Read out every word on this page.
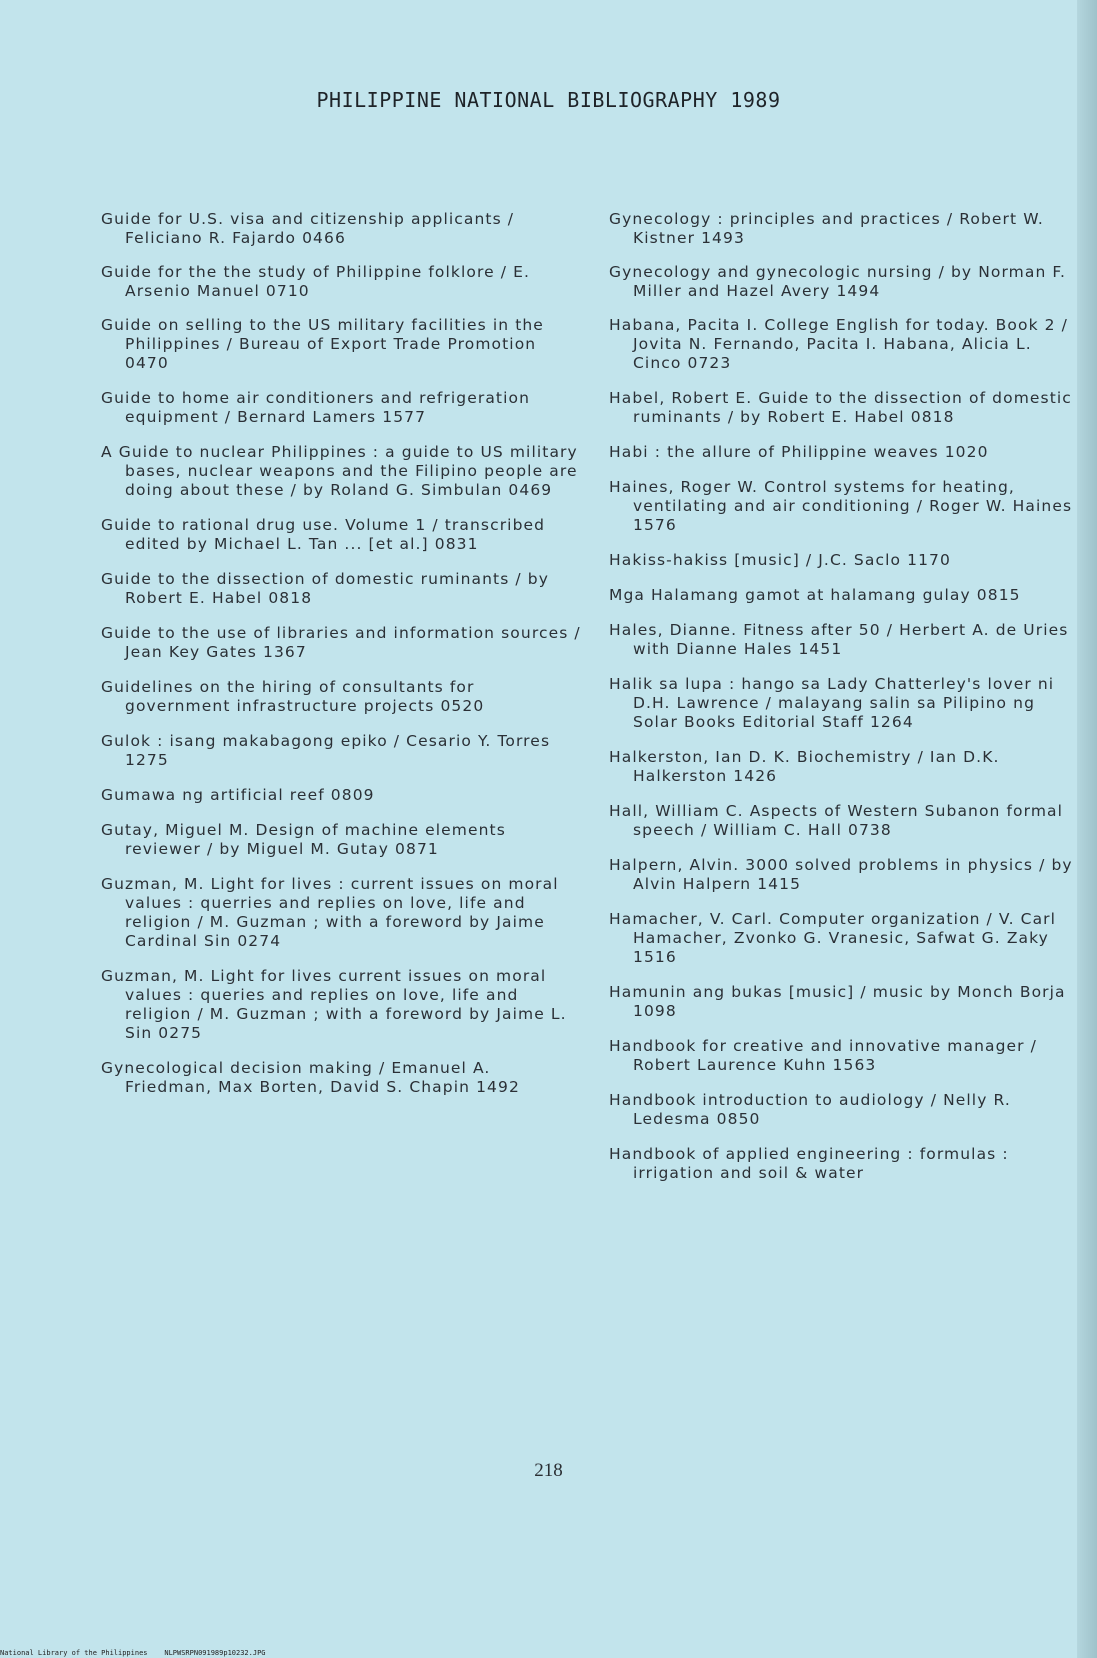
PHILIPPINE NATIONAL BIBLIOGRAPHY 1989

Guide for U.S. visa and citizenship applicants / Feliciano R. Fajardo 0466

Guide for the the study of Philippine folklore / E. Arsenio Manuel 0710

Guide on selling to the US military facilities in the Philippines / Bureau of Export Trade Promotion 0470

Guide to home air conditioners and refrigeration equipment / Bernard Lamers 1577

A Guide to nuclear Philippines : a guide to US military bases, nuclear weapons and the Filipino people are doing about these / by Roland G. Simbulan 0469

Guide to rational drug use. Volume 1 / transcribed edited by Michael L. Tan ... [et al.] 0831

Guide to the dissection of domestic ruminants / by Robert E. Habel 0818

Guide to the use of libraries and information sources / Jean Key Gates 1367

Guidelines on the hiring of consultants for government infrastructure projects 0520

Gulok : isang makabagong epiko / Cesario Y. Torres 1275

Gumawa ng artificial reef 0809

Gutay, Miguel M. Design of machine elements reviewer / by Miguel M. Gutay 0871

Guzman, M. Light for lives : current issues on moral values : querries and replies on love, life and religion / M. Guzman ; with a foreword by Jaime Cardinal Sin 0274

Guzman, M. Light for lives current issues on moral values : queries and replies on love, life and religion / M. Guzman ; with a foreword by Jaime L. Sin 0275

Gynecological decision making / Emanuel A. Friedman, Max Borten, David S. Chapin 1492

Gynecology : principles and practices / Robert W. Kistner 1493

Gynecology and gynecologic nursing / by Norman F. Miller and Hazel Avery 1494

Habana, Pacita I. College English for today. Book 2 / Jovita N. Fernando, Pacita I. Habana, Alicia L. Cinco 0723

Habel, Robert E. Guide to the dissection of domestic ruminants / by Robert E. Habel 0818

Habi : the allure of Philippine weaves 1020

Haines, Roger W. Control systems for heating, ventilating and air conditioning / Roger W. Haines 1576

Hakiss-hakiss [music] / J.C. Saclo 1170

Mga Halamang gamot at halamang gulay 0815

Hales, Dianne. Fitness after 50 / Herbert A. de Uries with Dianne Hales 1451

Halik sa lupa : hango sa Lady Chatterley's lover ni D.H. Lawrence / malayang salin sa Pilipino ng Solar Books Editorial Staff 1264

Halkerston, Ian D. K. Biochemistry / Ian D.K. Halkerston 1426

Hall, William C. Aspects of Western Subanon formal speech / William C. Hall 0738

Halpern, Alvin. 3000 solved problems in physics / by Alvin Halpern 1415

Hamacher, V. Carl. Computer organization / V. Carl Hamacher, Zvonko G. Vranesic, Safwat G. Zaky 1516

Hamunin ang bukas [music] / music by Monch Borja 1098

Handbook for creative and innovative manager / Robert Laurence Kuhn 1563

Handbook introduction to audiology / Nelly R. Ledesma 0850

Handbook of applied engineering : formulas : irrigation and soil & water

218
National Library of the Philippines    NLPWSRPN091989p10232.JPG
